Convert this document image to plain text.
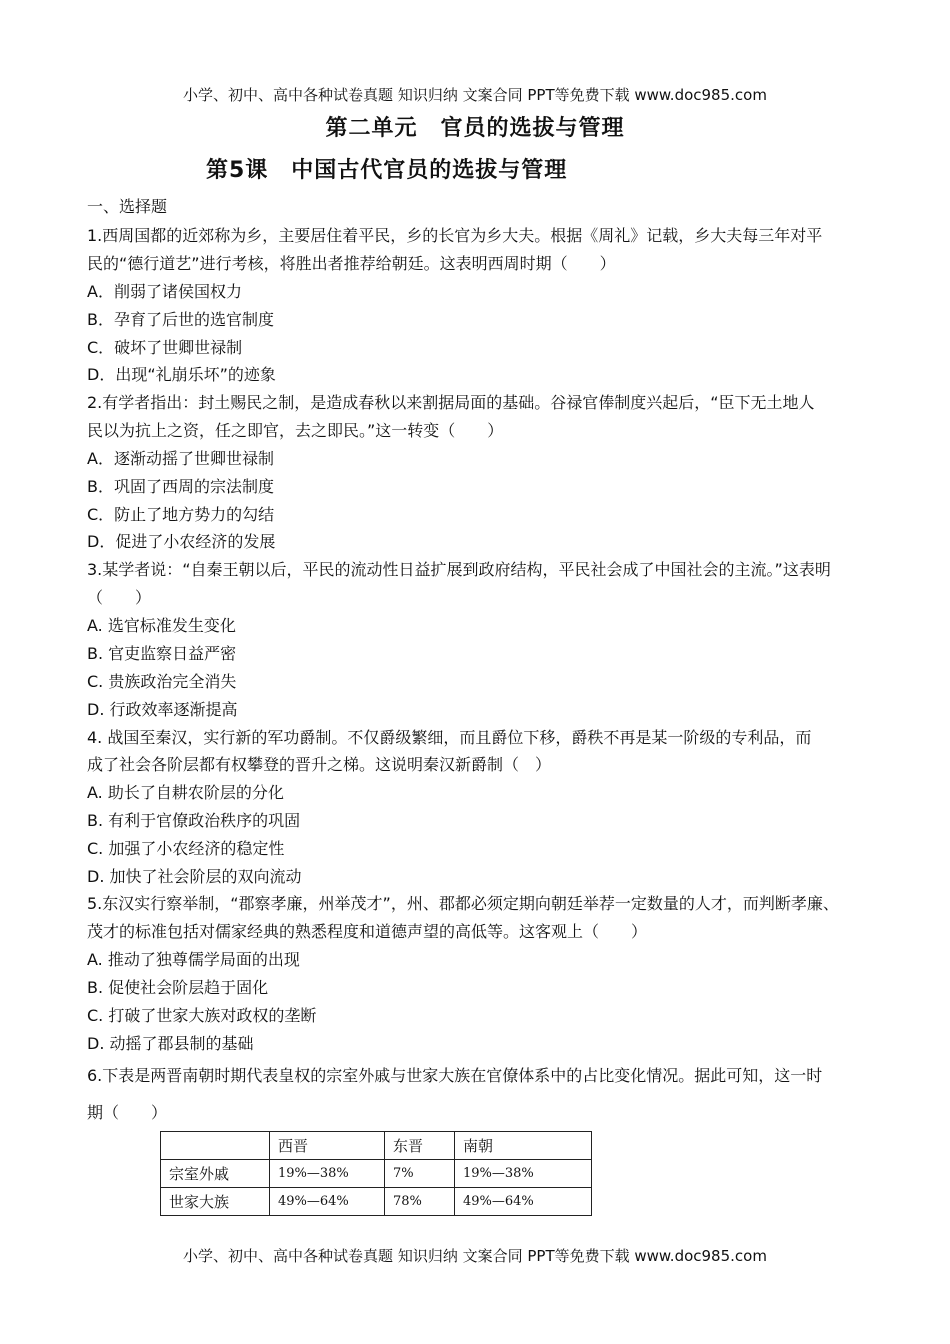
小学、初中、高中各种试卷真题 知识归纳 文案合同 PPT等免费下载 www.doc985.com
第二单元　官员的选拔与管理
第5课　中国古代官员的选拔与管理
一、选择题
1.西周国都的近郊称为乡，主要居住着平民，乡的长官为乡大夫。根据《周礼》记载，乡大夫每三年对平
民的“德行道艺”进行考核，将胜出者推荐给朝廷。这表明西周时期（　　）
A．削弱了诸侯国权力
B．孕育了后世的选官制度
C．破坏了世卿世禄制
D．出现“礼崩乐坏”的迹象
2.有学者指出：封土赐民之制，是造成春秋以来割据局面的基础。谷禄官俸制度兴起后，“臣下无土地人
民以为抗上之资，任之即官，去之即民。”这一转变（　　）
A．逐渐动摇了世卿世禄制
B．巩固了西周的宗法制度
C．防止了地方势力的勾结
D．促进了小农经济的发展
3.某学者说：“自秦王朝以后，平民的流动性日益扩展到政府结构，平民社会成了中国社会的主流。”这表明
（　　）
A. 选官标准发生变化
B. 官吏监察日益严密
C. 贵族政治完全消失
D. 行政效率逐渐提高
4. 战国至秦汉，实行新的军功爵制。不仅爵级繁细，而且爵位下移，爵秩不再是某一阶级的专利品，而
成了社会各阶层都有权攀登的晋升之梯。这说明秦汉新爵制（　）
A. 助长了自耕农阶层的分化
B. 有利于官僚政治秩序的巩固
C. 加强了小农经济的稳定性
D. 加快了社会阶层的双向流动
5.东汉实行察举制，“郡察孝廉，州举茂才”，州、郡都必须定期向朝廷举荐一定数量的人才，而判断孝廉、
茂才的标准包括对儒家经典的熟悉程度和道德声望的高低等。这客观上（　　）
A. 推动了独尊儒学局面的出现
B. 促使社会阶层趋于固化
C. 打破了世家大族对政权的垄断
D. 动摇了郡县制的基础
6.下表是两晋南朝时期代表皇权的宗室外戚与世家大族在官僚体系中的占比变化情况。据此可知，这一时
期（　　）
	西晋	东晋	南朝
宗室外戚	19%—38%	7%	19%—38%
世家大族	49%—64%	78%	49%—64%
小学、初中、高中各种试卷真题 知识归纳 文案合同 PPT等免费下载 www.doc985.com
